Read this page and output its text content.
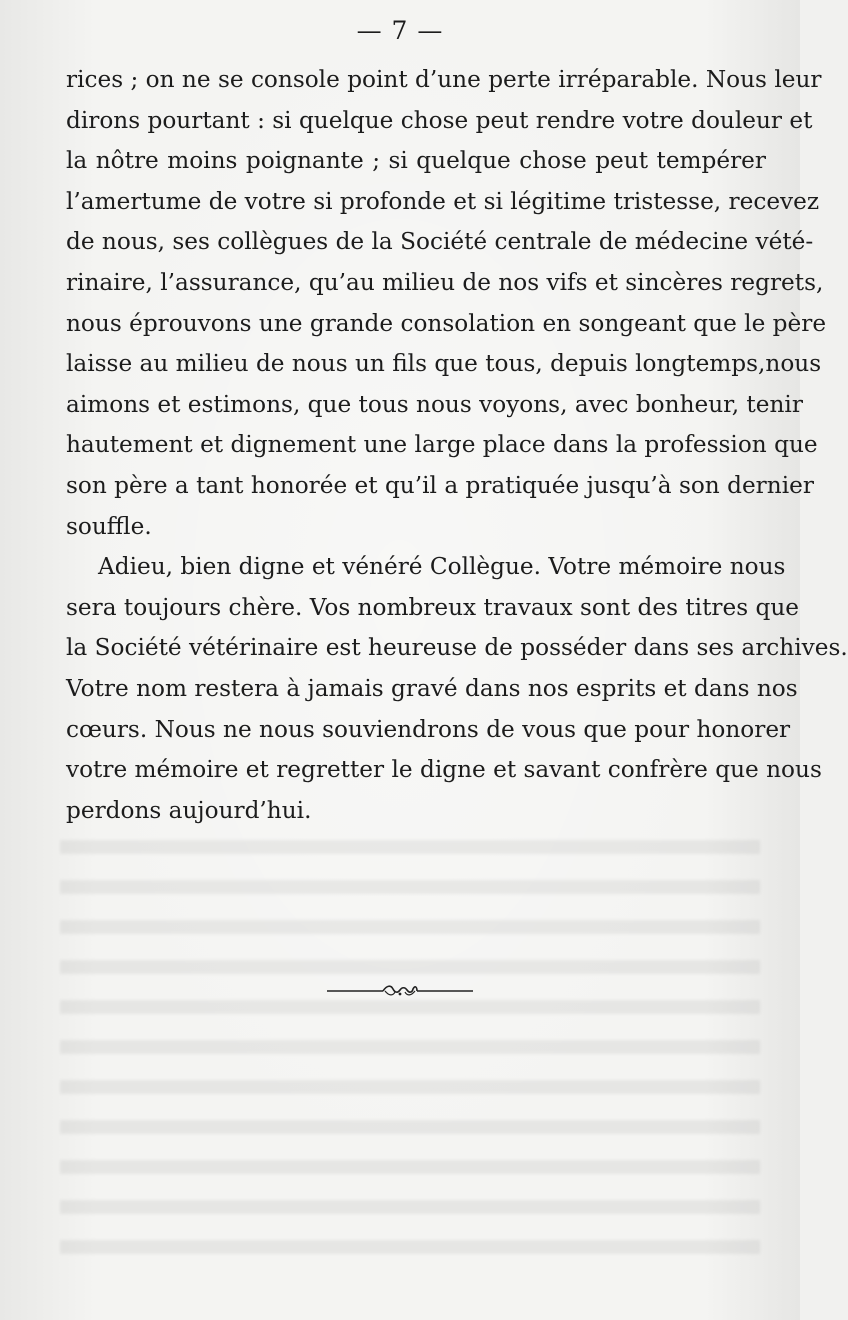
— 7 —
rices ; on ne se console point d’une perte irréparable. Nous leur
dirons pourtant : si quelque chose peut rendre votre douleur et
la nôtre moins poignante ; si quelque chose peut tempérer
l’amertume de votre si profonde et si légitime tristesse, recevez
de nous, ses collègues de la Société centrale de médecine vété-
rinaire, l’assurance, qu’au milieu de nos vifs et sincères regrets,
nous éprouvons une grande consolation en songeant que le père
laisse au milieu de nous un fils que tous, depuis longtemps,nous
aimons et estimons, que tous nous voyons, avec bonheur, tenir
hautement et dignement une large place dans la profession que
son père a tant honorée et qu’il a pratiquée jusqu’à son dernier
souffle.
Adieu, bien digne et vénéré Collègue. Votre mémoire nous
sera toujours chère. Vos nombreux travaux sont des titres que
la Société vétérinaire est heureuse de posséder dans ses archives.
Votre nom restera à jamais gravé dans nos esprits et dans nos
cœurs. Nous ne nous souviendrons de vous que pour honorer
votre mémoire et regretter le digne et savant confrère que nous
perdons aujourd’hui.
